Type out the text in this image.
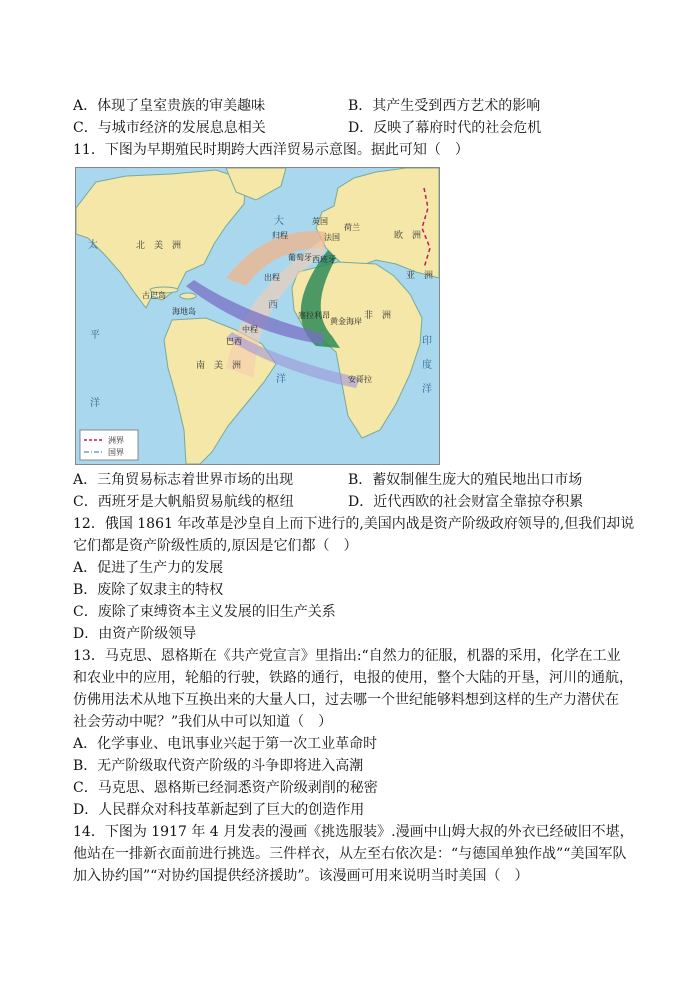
A．体现了皇室贵族的审美趣味	B．其产生受到西方艺术的影响
C．与城市经济的发展息息相关	D．反映了幕府时代的社会危机
11．下图为早期殖民时期跨大西洋贸易示意图。据此可知（　）
太
平
洋
大
西
洋
印
度
洋
北　美　洲
南　美　洲
非　洲
欧　洲
亚　洲
荷兰
英国
法国
葡萄牙 西班牙
古巴岛
海地岛	塞拉利昂
黄金海岸
安哥拉
巴西
归程
出程
中程
洲界
国界
A．三角贸易标志着世界市场的出现	B．蓄奴制催生庞大的殖民地出口市场
C．西班牙是大帆船贸易航线的枢纽	D．近代西欧的社会财富全靠掠夺积累
12．俄国 1861 年改革是沙皇自上而下进行的,美国内战是资产阶级政府领导的,但我们却说
它们都是资产阶级性质的,原因是它们都（　）
A．促进了生产力的发展
B．废除了奴隶主的特权
C．废除了束缚资本主义发展的旧生产关系
D．由资产阶级领导
13．马克思、恩格斯在《共产党宣言》里指出:“自然力的征服，机器的采用，化学在工业
和农业中的应用，轮船的行驶，铁路的通行，电报的使用，整个大陆的开垦，河川的通航，
仿佛用法术从地下互换出来的大量人口，过去哪一个世纪能够料想到这样的生产力潜伏在
社会劳动中呢？”我们从中可以知道（　）
A．化学事业、电讯事业兴起于第一次工业革命时
B．无产阶级取代资产阶级的斗争即将进入高潮
C．马克思、恩格斯已经洞悉资产阶级剥削的秘密
D．人民群众对科技革新起到了巨大的创造作用
14．下图为 1917 年 4 月发表的漫画《挑选服装》.漫画中山姆大叔的外衣已经破旧不堪，
他站在一排新衣面前进行挑选。三件样衣，从左至右依次是：“与德国单独作战”“美国军队
加入协约国”“对协约国提供经济援助”。该漫画可用来说明当时美国（　）
